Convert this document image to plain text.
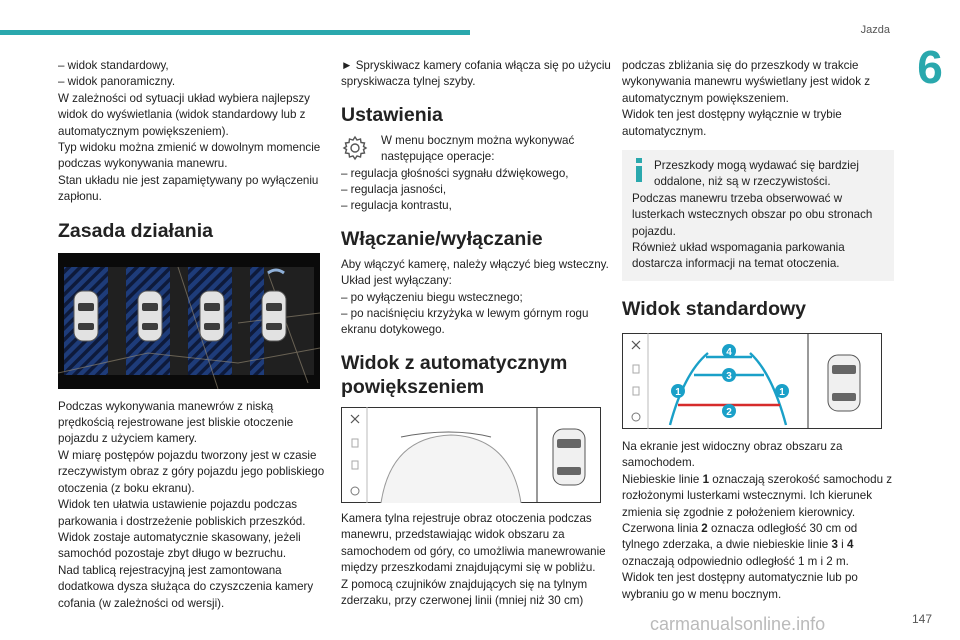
Jazda
6

– widok standardowy,

– widok panoramiczny.

W zależności od sytuacji układ wybiera najlepszy widok do wyświetlania (widok standardowy lub z automatycznym powiększeniem).

Typ widoku można zmienić w dowolnym momencie podczas wykonywania manewru.

Stan układu nie jest zapamiętywany po wyłączeniu zapłonu.

Zasada działania

Podczas wykonywania manewrów z niską prędkością rejestrowane jest bliskie otoczenie pojazdu z użyciem kamery.

W miarę postępów pojazdu tworzony jest w czasie rzeczywistym obraz z góry pojazdu jego pobliskiego otoczenia (z boku ekranu).

Widok ten ułatwia ustawienie pojazdu podczas parkowania i dostrzeżenie pobliskich przeszkód.

Widok zostaje automatycznie skasowany, jeżeli samochód pozostaje zbyt długo w bezruchu.

Nad tablicą rejestracyjną jest zamontowana dodatkowa dysza służąca do czyszczenia kamery cofania (w zależności od wersji).

► Spryskiwacz kamery cofania włącza się po użyciu spryskiwacza tylnej szyby.

Ustawienia

W menu bocznym można wykonywać następujące operacje:

– regulacja głośności sygnału dźwiękowego,

– regulacja jasności,

– regulacja kontrastu,

Włączanie/wyłączanie

Aby włączyć kamerę, należy włączyć bieg wsteczny.

Układ jest wyłączany:

– po wyłączeniu biegu wstecznego;

– po naciśnięciu krzyżyka w lewym górnym rogu ekranu dotykowego.

Widok z automatycznym powiększeniem

Kamera tylna rejestruje obraz otoczenia podczas manewru, przedstawiając widok obszaru za samochodem od góry, co umożliwia manewrowanie między przeszkodami znajdującymi się w pobliżu.

Z pomocą czujników znajdujących się na tylnym zderzaku, przy czerwonej linii (mniej niż 30 cm)

podczas zbliżania się do przeszkody w trakcie wykonywania manewru wyświetlany jest widok z automatycznym powiększeniem.

Widok ten jest dostępny wyłącznie w trybie automatycznym.

Przeszkody mogą wydawać się bardziej oddalone, niż są w rzeczywistości.

Podczas manewru trzeba obserwować w lusterkach wstecznych obszar po obu stronach pojazdu.

Również układ wspomagania parkowania dostarcza informacji na temat otoczenia.

Widok standardowy
4
3
1	1
2

Na ekranie jest widoczny obraz obszaru za samochodem.

Niebieskie linie 1 oznaczają szerokość samochodu z rozłożonymi lusterkami wstecznymi. Ich kierunek zmienia się zgodnie z położeniem kierownicy.

Czerwona linia 2 oznacza odległość 30 cm od tylnego zderzaka, a dwie niebieskie linie 3 i 4 oznaczają odpowiednio odległość 1 m i 2 m.

Widok ten jest dostępny automatycznie lub po wybraniu go w menu bocznym.

carmanualsonline.info	147
